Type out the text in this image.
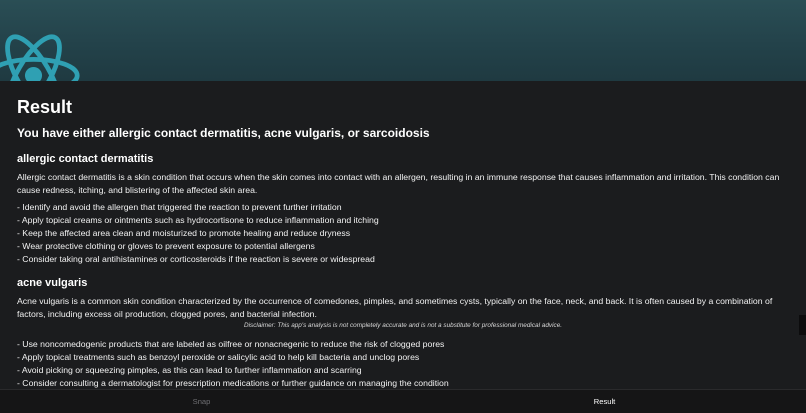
Result
You have either allergic contact dermatitis, acne vulgaris, or sarcoidosis
allergic contact dermatitis

Allergic contact dermatitis is a skin condition that occurs when the skin comes into contact with an allergen, resulting in an immune response that causes inflammation and irritation. This condition can cause redness, itching, and blistering of the affected skin area.

- Identify and avoid the allergen that triggered the reaction to prevent further irritation
- Apply topical creams or ointments such as hydrocortisone to reduce inflammation and itching
- Keep the affected area clean and moisturized to promote healing and reduce dryness
- Wear protective clothing or gloves to prevent exposure to potential allergens
- Consider taking oral antihistamines or corticosteroids if the reaction is severe or widespread
acne vulgaris

Acne vulgaris is a common skin condition characterized by the occurrence of comedones, pimples, and sometimes cysts, typically on the face, neck, and back. It is often caused by a combination of factors, including excess oil production, clogged pores, and bacterial infection.

- Use noncomedogenic products that are labeled as oilfree or nonacnegenic to reduce the risk of clogged pores
- Apply topical treatments such as benzoyl peroxide or salicylic acid to help kill bacteria and unclog pores
- Avoid picking or squeezing pimples, as this can lead to further inflammation and scarring
- Consider consulting a dermatologist for prescription medications or further guidance on managing the condition
Disclaimer: This app's analysis is not completely accurate and is not a substitute for professional medical advice.
Snap	Result
